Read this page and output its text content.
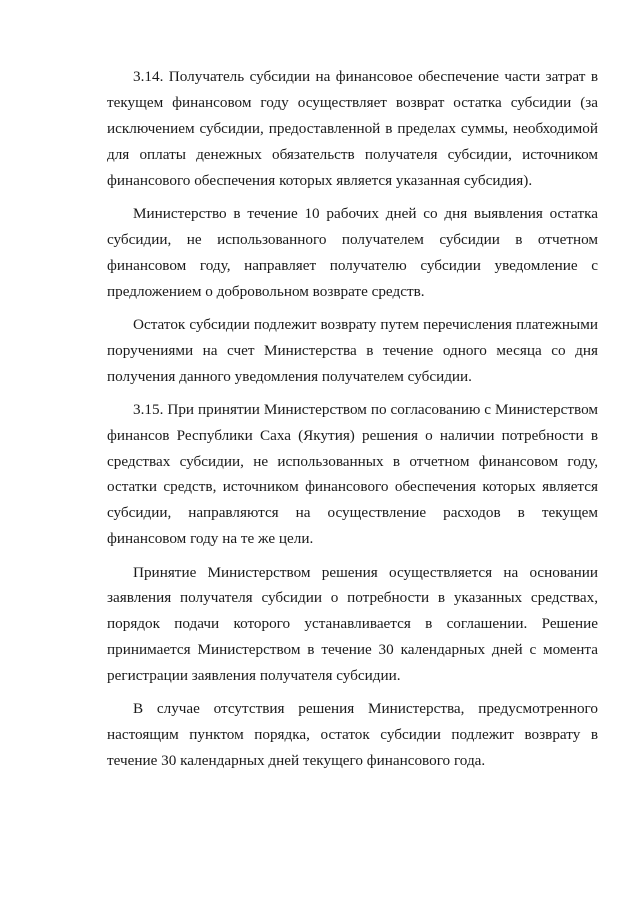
3.14. Получатель субсидии на финансовое обеспечение части затрат в текущем финансовом году осуществляет возврат остатка субсидии (за исключением субсидии, предоставленной в пределах суммы, необходимой для оплаты денежных обязательств получателя субсидии, источником финансового обеспечения которых является указанная субсидия).

Министерство в течение 10 рабочих дней со дня выявления остатка субсидии, не использованного получателем субсидии в отчетном финансовом году, направляет получателю субсидии уведомление с предложением о добровольном возврате средств.

Остаток субсидии подлежит возврату путем перечисления платежными поручениями на счет Министерства в течение одного месяца со дня получения данного уведомления получателем субсидии.

3.15. При принятии Министерством по согласованию с Министерством финансов Республики Саха (Якутия) решения о наличии потребности в средствах субсидии, не использованных в отчетном финансовом году, остатки средств, источником финансового обеспечения которых является субсидии, направляются на осуществление расходов в текущем финансовом году на те же цели.

Принятие Министерством решения осуществляется на основании заявления получателя субсидии о потребности в указанных средствах, порядок подачи которого устанавливается в соглашении. Решение принимается Министерством в течение 30 календарных дней с момента регистрации заявления получателя субсидии.

В случае отсутствия решения Министерства, предусмотренного настоящим пунктом порядка, остаток субсидии подлежит возврату в течение 30 календарных дней текущего финансового года.
